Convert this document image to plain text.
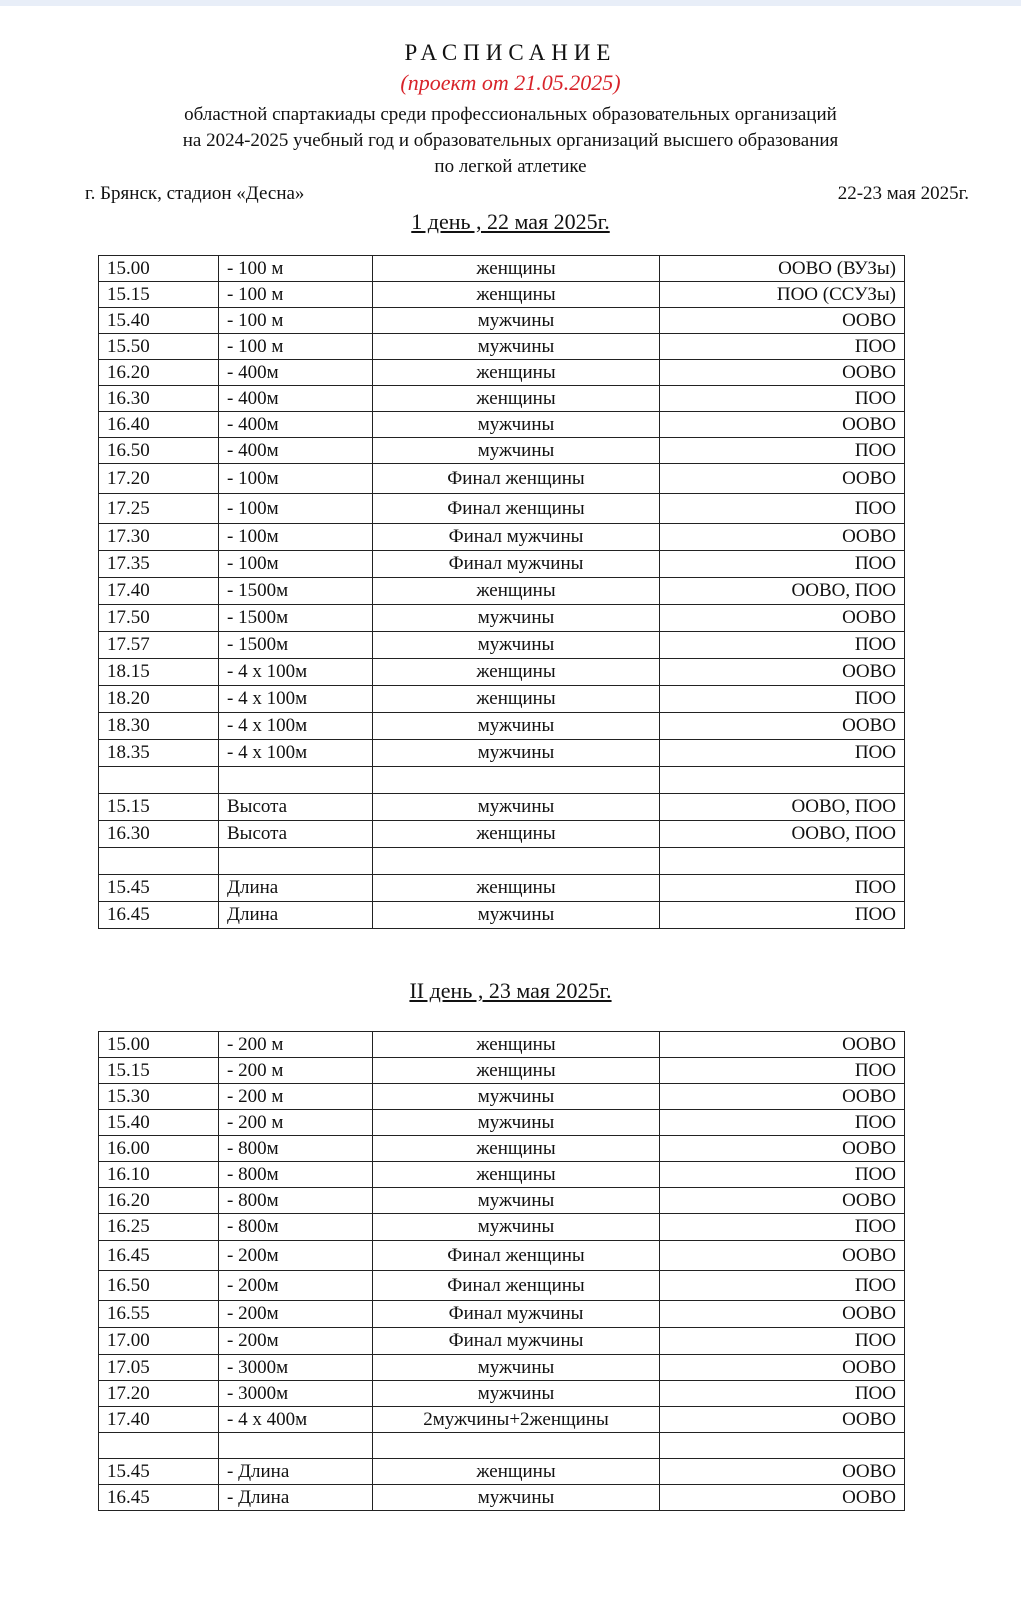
РАСПИСАНИЕ
(проект от 21.05.2025)
областной спартакиады среди профессиональных образовательных организаций
на 2024-2025 учебный год и образовательных организаций высшего образования
по легкой атлетике
г. Брянск, стадион «Десна»	22-23 мая 2025г.
1 день , 22 мая 2025г.
15.00	- 100 м	женщины	ООВО (ВУЗы)
15.15	- 100 м	женщины	ПОО (ССУЗы)
15.40	- 100 м	мужчины	ООВО
15.50	- 100 м	мужчины	ПОО
16.20	- 400м	женщины	ООВО
16.30	- 400м	женщины	ПОО
16.40	- 400м	мужчины	ООВО
16.50	- 400м	мужчины	ПОО
17.20	- 100м	Финал женщины	ООВО
17.25	- 100м	Финал женщины	ПОО
17.30	- 100м	Финал мужчины	ООВО
17.35	- 100м	Финал мужчины	ПОО
17.40	- 1500м	женщины	ООВО, ПОО
17.50	- 1500м	мужчины	ООВО
17.57	- 1500м	мужчины	ПОО
18.15	- 4 х 100м	женщины	ООВО
18.20	- 4 х 100м	женщины	ПОО
18.30	- 4 х 100м	мужчины	ООВО
18.35	- 4 х 100м	мужчины	ПОО

15.15	Высота	мужчины	ООВО, ПОО
16.30	Высота	женщины	ООВО, ПОО

15.45	Длина	женщины	ПОО
16.45	Длина	мужчины	ПОО
II день , 23 мая 2025г.
15.00	- 200 м	женщины	ООВО
15.15	- 200 м	женщины	ПОО
15.30	- 200 м	мужчины	ООВО
15.40	- 200 м	мужчины	ПОО
16.00	- 800м	женщины	ООВО
16.10	- 800м	женщины	ПОО
16.20	- 800м	мужчины	ООВО
16.25	- 800м	мужчины	ПОО
16.45	- 200м	Финал женщины	ООВО
16.50	- 200м	Финал женщины	ПОО
16.55	- 200м	Финал мужчины	ООВО
17.00	- 200м	Финал мужчины	ПОО
17.05	- 3000м	мужчины	ООВО
17.20	- 3000м	мужчины	ПОО
17.40	- 4 х 400м	2мужчины+2женщины	ООВО

15.45	- Длина	женщины	ООВО
16.45	- Длина	мужчины	ООВО
